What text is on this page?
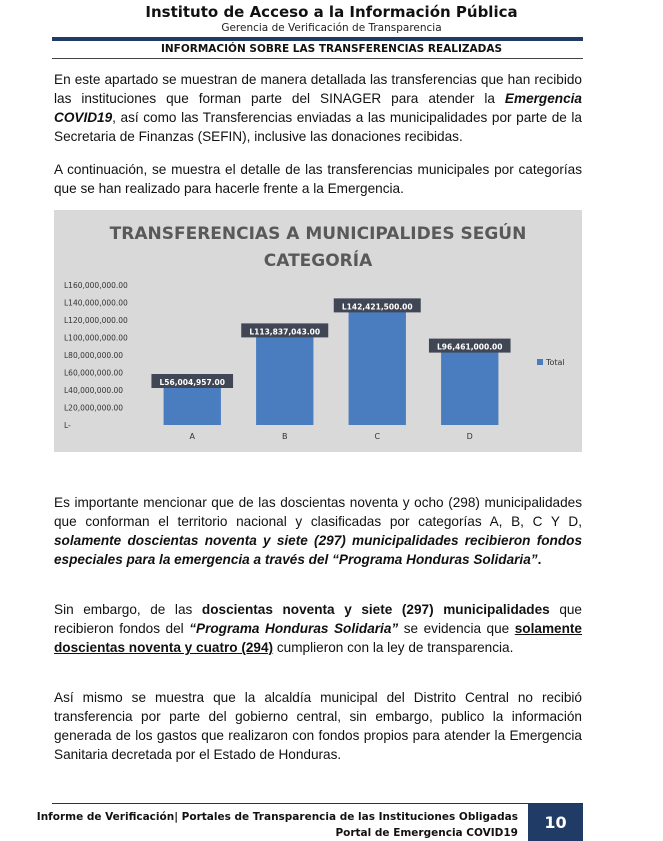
Instituto de Acceso a la Información Pública
Gerencia de Verificación de Transparencia
INFORMACIÓN SOBRE LAS TRANSFERENCIAS REALIZADAS
En este apartado se muestran de manera detallada las transferencias que han recibido las instituciones que forman parte del SINAGER para atender la Emergencia COVID19, así como las Transferencias enviadas a las municipalidades por parte de la Secretaria de Finanzas (SEFIN), inclusive las donaciones recibidas.
A continuación, se muestra el detalle de las transferencias municipales por categorías que se han realizado para hacerle frente a la Emergencia.
TRANSFERENCIAS A MUNICIPALIDES SEGÚN
CATEGORÍA
L-
L20,000,000.00
L40,000,000.00
L60,000,000.00
L80,000,000.00
L100,000,000.00
L120,000,000.00
L140,000,000.00
L160,000,000.00
A
L56,004,957.00
B
L113,837,043.00
C
L142,421,500.00
D
L96,461,000.00
Total
Es importante mencionar que de las doscientas noventa y ocho (298) municipalidades que conforman el territorio nacional y clasificadas por categorías A, B, C Y D, solamente doscientas noventa y siete (297) municipalidades recibieron fondos especiales para la emergencia a través del “Programa Honduras Solidaria”.
Sin embargo, de las doscientas noventa y siete (297) municipalidades que recibieron fondos del “Programa Honduras Solidaria” se evidencia que solamente doscientas noventa y cuatro (294) cumplieron con la ley de transparencia.
Así mismo se muestra que la alcaldía municipal del Distrito Central no recibió transferencia por parte del gobierno central, sin embargo, publico la información generada de los gastos que realizaron con fondos propios para atender la Emergencia Sanitaria decretada por el Estado de Honduras.
Informe de Verificación| Portales de Transparencia de las Instituciones Obligadas
Portal de Emergencia COVID19
10
